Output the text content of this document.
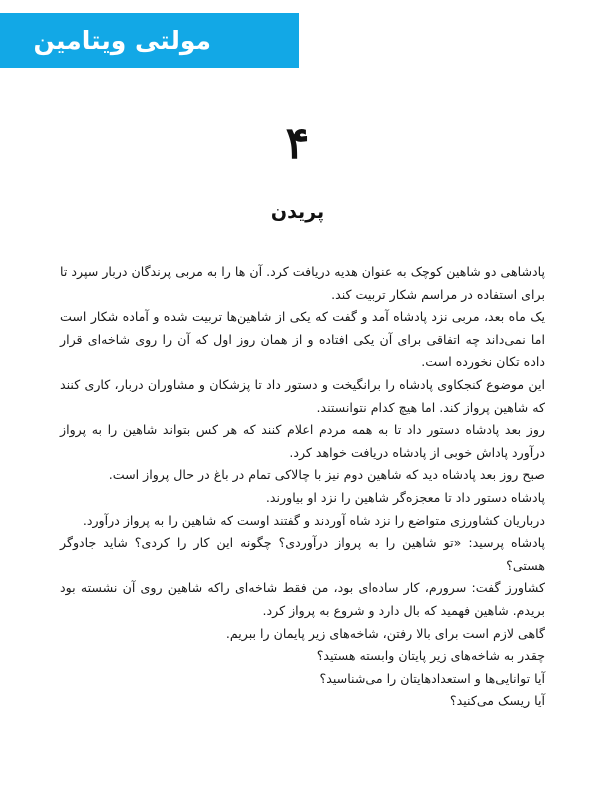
مولتی ویتامین
۴
پریدن

پادشاهی دو شاهین کوچک به عنوان هدیه دریافت کرد. آن ها را به مربی پرندگان دربار سپرد تا برای استفاده در مراسم شکار تربیت کند.

یک ماه بعد، مربی نزد پادشاه آمد و گفت که یکی از شاهین‌ها تربیت شده و آماده شکار است اما نمی‌داند چه اتفاقی برای آن یکی افتاده و از همان روز اول که آن را روی شاخه‌ای قرار داده تکان نخورده است.

این موضوع کنجکاوی پادشاه را برانگیخت و دستور داد تا پزشکان و مشاوران دربار، کاری کنند که شاهین پرواز کند. اما هیچ کدام نتوانستند.

روز بعد پادشاه دستور داد تا به همه مردم اعلام کنند که هر کس بتواند شاهین را به پرواز درآورد پاداش خوبی از پادشاه دریافت خواهد کرد.

صبح روز بعد پادشاه دید که شاهین دوم نیز با چالاکی تمام در باغ در حال پرواز است.

پادشاه دستور داد تا معجزه‌گر شاهین را نزد او بیاورند.

درباریان کشاورزی متواضع را نزد شاه آوردند و گفتند اوست که شاهین را به پرواز درآورد.

پادشاه پرسید: «تو شاهین را به پرواز درآوردی؟ چگونه این کار را کردی؟ شاید جادوگر هستی؟

کشاورز گفت: سرورم، کار ساده‌ای بود، من فقط شاخه‌ای راکه شاهین روی آن نشسته بود بریدم. شاهین فهمید که بال دارد و شروع به پرواز کرد.

گاهی لازم است برای بالا رفتن، شاخه‌های زیر پایمان را ببریم.

چقدر به شاخه‌های زیر پایتان وابسته هستید؟

آیا توانایی‌ها و استعدادهایتان را می‌شناسید؟

آیا ریسک می‌کنید؟
